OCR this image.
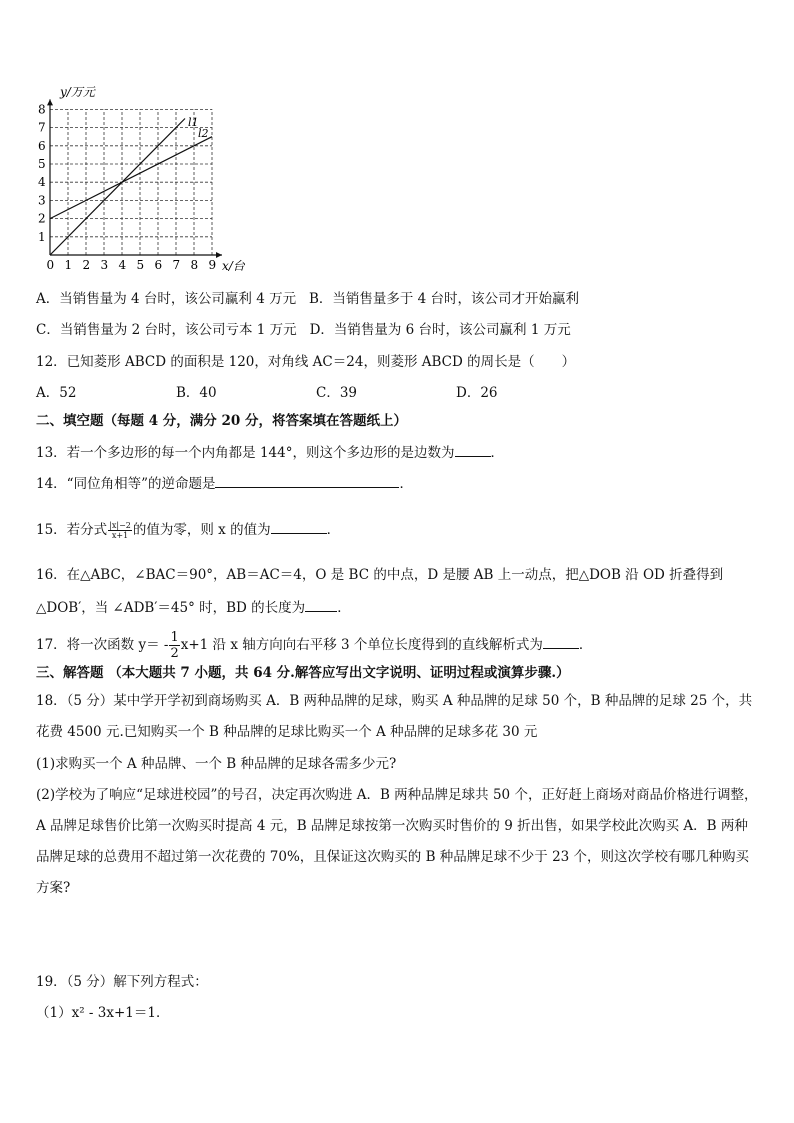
0 1 2 3 4 5 6 7 8 9
1
2
3
4
5
6
7
8
y/万元
x/台
l1
l2
A．当销售量为 4 台时，该公司赢利 4 万元 B．当销售量多于 4 台时，该公司才开始赢利
C．当销售量为 2 台时，该公司亏本 1 万元 D．当销售量为 6 台时，该公司赢利 1 万元
12．已知菱形 ABCD 的面积是 120，对角线 AC＝24，则菱形 ABCD 的周长是（　　）
A．52	B．40	C．39	D．26
二、填空题（每题 4 分，满分 20 分，将答案填在答题纸上）
13．若一个多边形的每一个内角都是 144°，则这个多边形的是边数为	．
14．“同位角相等”的逆命题是	．
15．若分式 $\frac{|x|-2}{x+1}$ 的值为零，则 x 的值为	．
16．在△ABC，∠BAC＝90°，AB＝AC＝4，O 是 BC 的中点，D 是腰 AB 上一动点，把△DOB 沿 OD 折叠得到
△DOB′，当 ∠ADB′＝45° 时，BD 的长度为 ．
17．将一次函数 $y= - \frac{1}{2} x+1$ 沿 x 轴方向向右平移 3 个单位长度得到的直线解析式为	．
三、解答题 （本大题共 7 小题，共 64 分.解答应写出文字说明、证明过程或演算步骤.）
18．（5 分）某中学开学初到商场购买 A．B 两种品牌的足球，购买 A 种品牌的足球 50 个，B 种品牌的足球 25 个，共
花费 4500 元.已知购买一个 B 种品牌的足球比购买一个 A 种品牌的足球多花 30 元
(1)求购买一个 A 种品牌、一个 B 种品牌的足球各需多少元?
(2)学校为了响应“足球进校园”的号召，决定再次购进 A．B 两种品牌足球共 50 个，正好赶上商场对商品价格进行调整，
A 品牌足球售价比第一次购买时提高 4 元，B 品牌足球按第一次购买时售价的 9 折出售，如果学校此次购买 A．B 两种
品牌足球的总费用不超过第一次花费的 70%，且保证这次购买的 B 种品牌足球不少于 23 个，则这次学校有哪几种购买
方案?
19．（5 分）解下列方程式：
（1）x² - 3x+1＝1．
